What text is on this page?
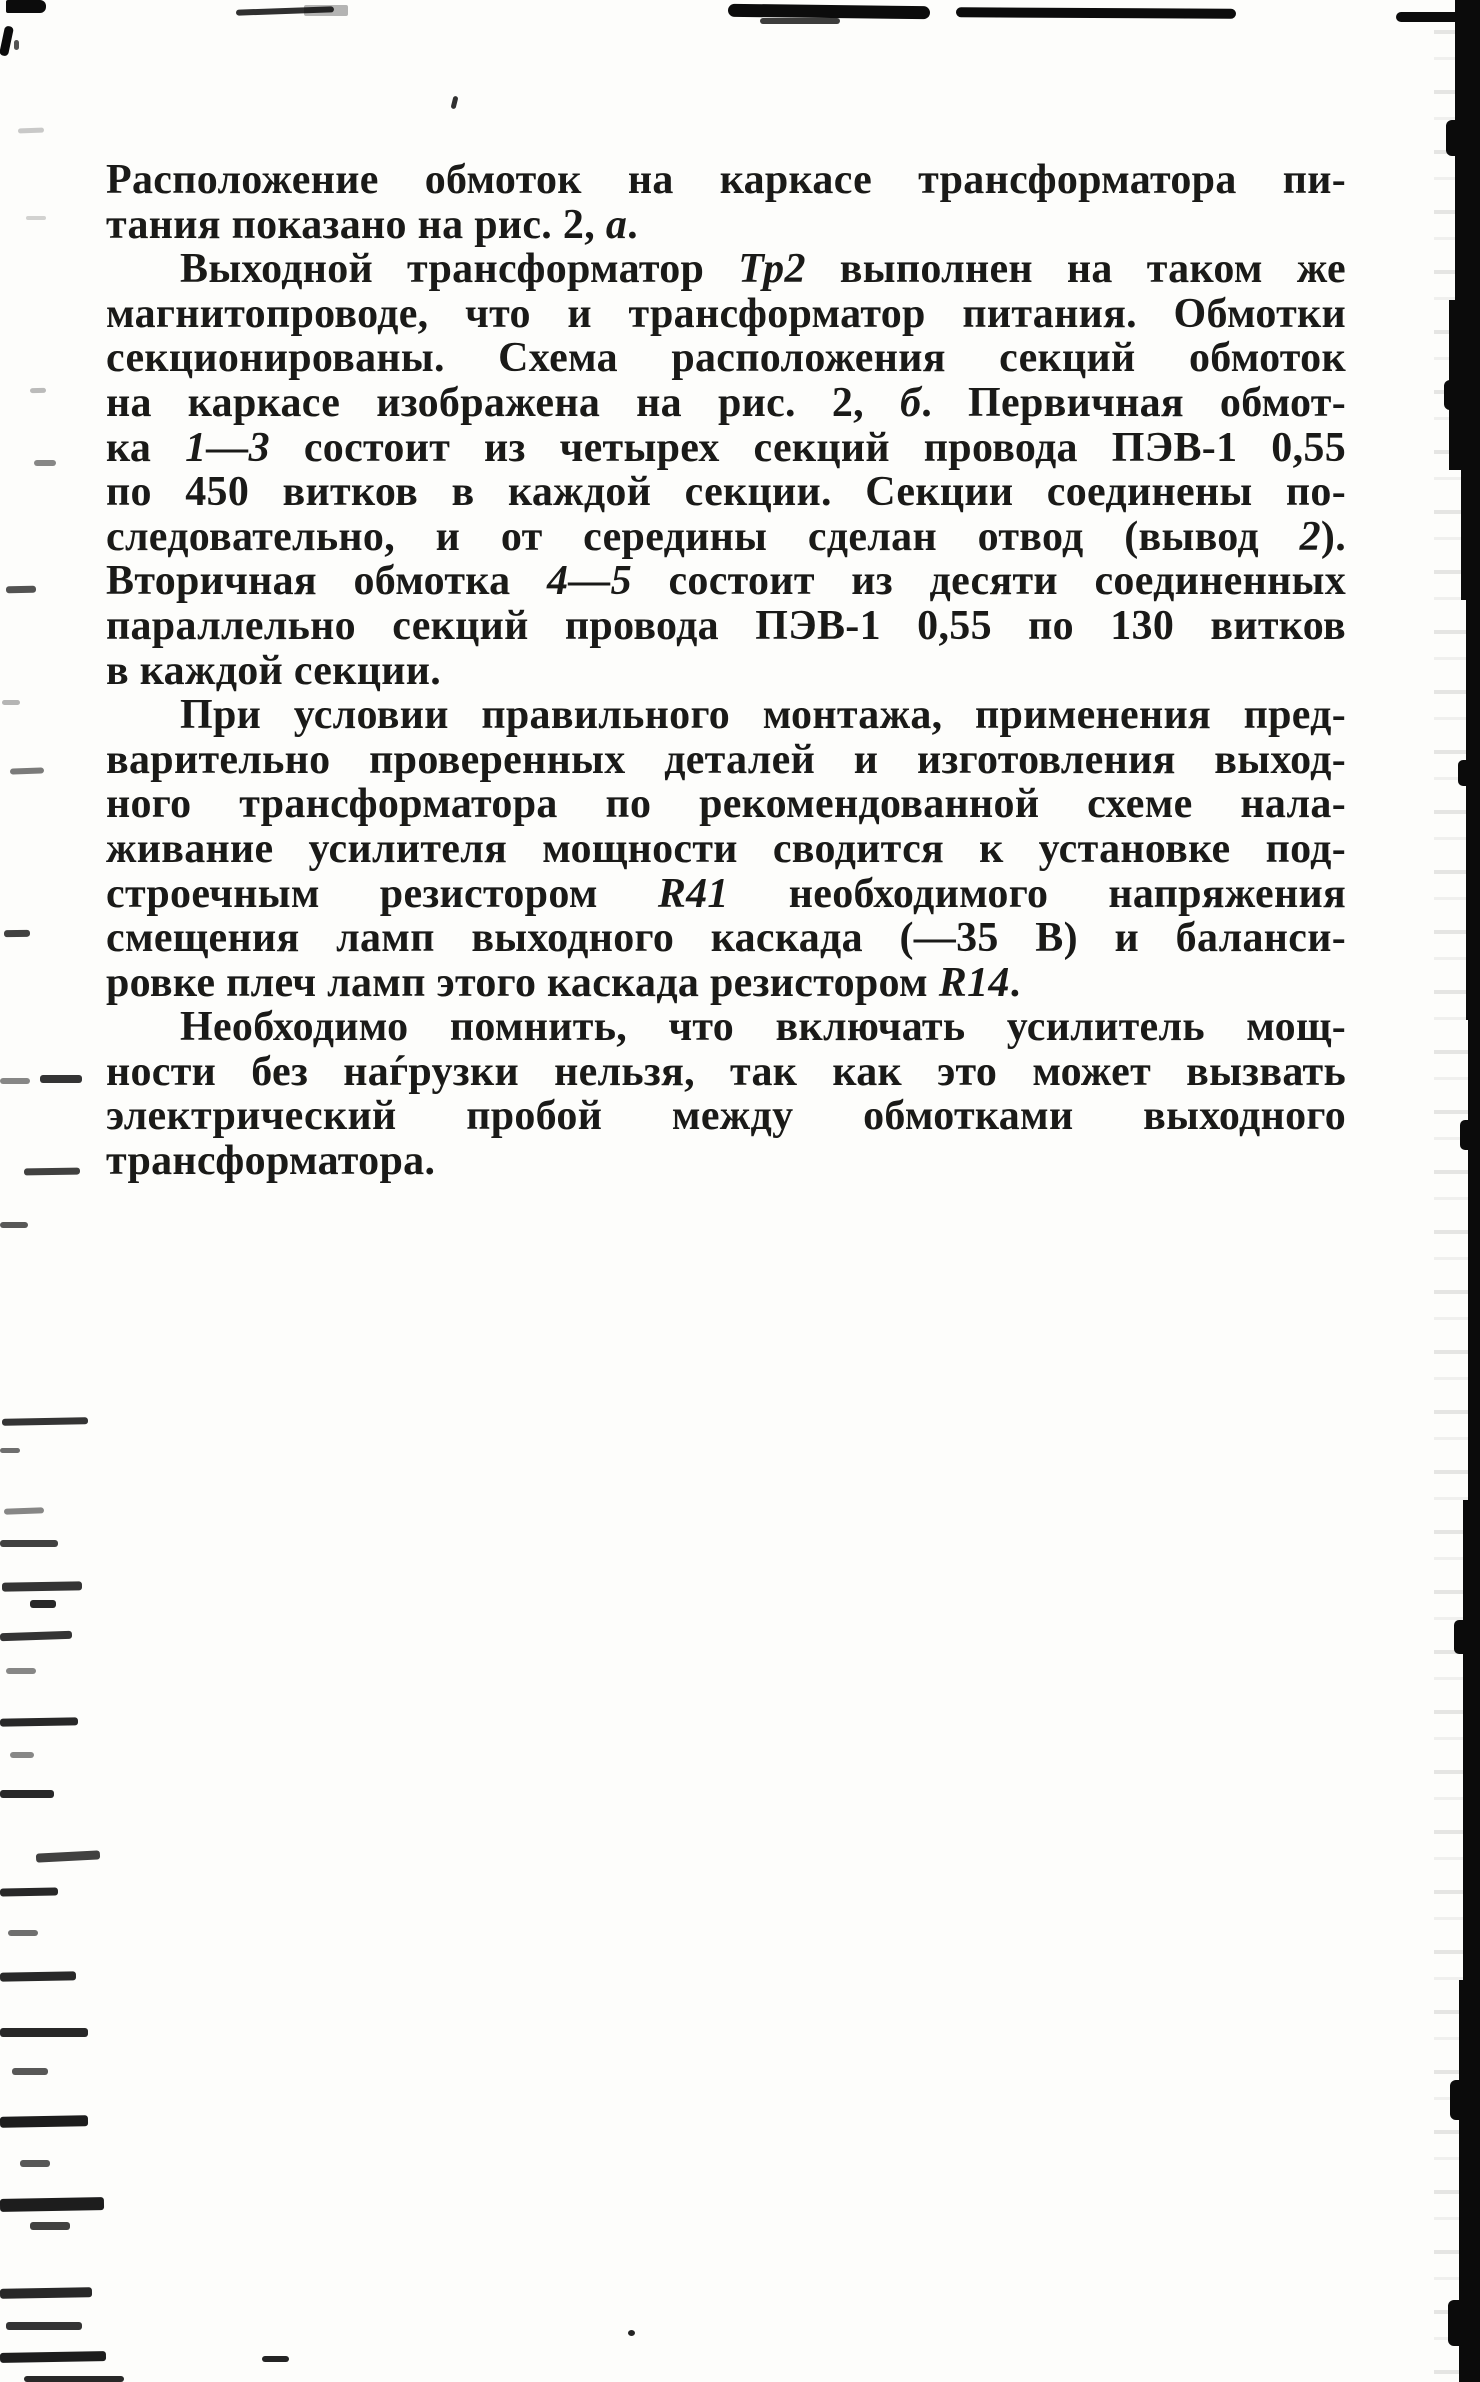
Расположение обмоток на каркасе трансформатора пи-
тания показано на рис. 2, а.
Выходной трансформатор Тр2 выполнен на таком же
магнитопроводе, что и трансформатор питания. Обмотки
секционированы. Схема расположения секций обмоток
на каркасе изображена на рис. 2, б. Первичная обмот-
ка 1—3 состоит из четырех секций провода ПЭВ-1 0,55
по 450 витков в каждой секции. Секции соединены по-
следовательно, и от середины сделан отвод (вывод 2).
Вторичная обмотка 4—5 состоит из десяти соединенных
параллельно секций провода ПЭВ-1 0,55 по 130 витков
в каждой секции.
При условии правильного монтажа, применения пред-
варительно проверенных деталей и изготовления выход-
ного трансформатора по рекомендованной схеме нала-
живание усилителя мощности сводится к установке под-
строечным резистором R41 необходимого напряжения
смещения ламп выходного каскада (—35 В) и баланси-
ровке плеч ламп этого каскада резистором R14.
Необходимо помнить, что включать усилитель мощ-
ности без наѓрузки нельзя, так как это может вызвать
электрический пробой между обмотками выходного
трансформатора.
